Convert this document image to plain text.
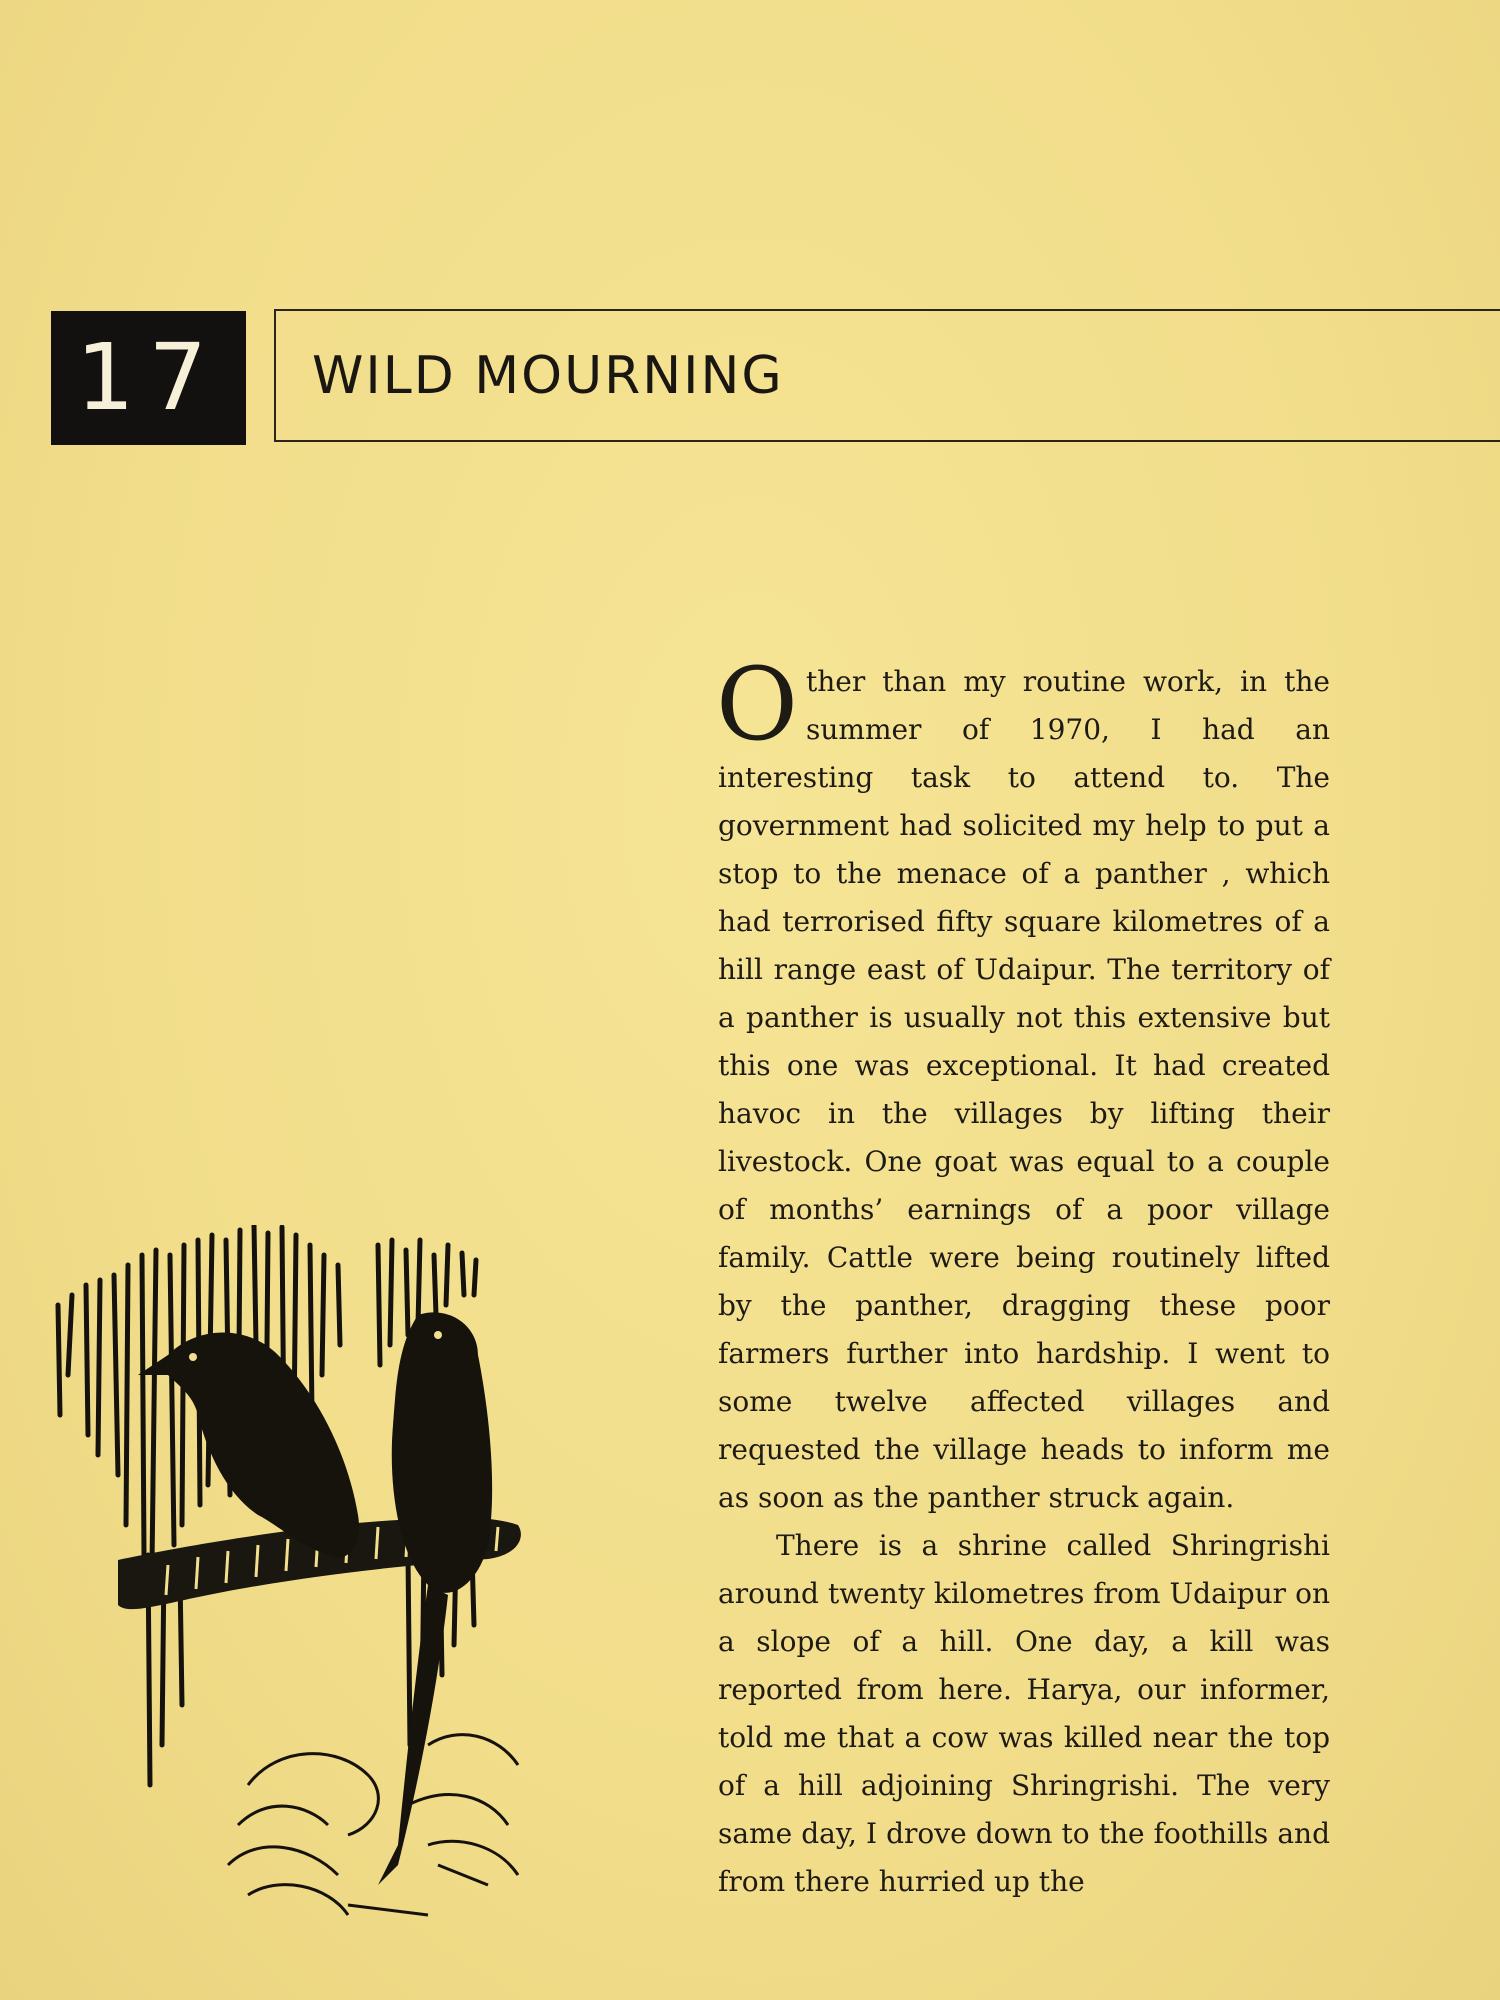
17 WILD MOURNING

Other than my routine work, in the summer of 1970, I had an interesting task to attend to. The government had solicited my help to put a stop to the menace of a panther , which had terrorised fifty square kilometres of a hill range east of Udaipur. The territory of a panther is usually not this extensive but this one was exceptional. It had created havoc in the villages by lifting their livestock. One goat was equal to a couple of months’ earnings of a poor village family. Cattle were being routinely lifted by the panther, dragging these poor farmers further into hardship. I went to some twelve affected villages and requested the village heads to inform me as soon as the panther struck again.

There is a shrine called Shringrishi around twenty kilometres from Udaipur on a slope of a hill. One day, a kill was reported from here. Harya, our informer, told me that a cow was killed near the top of a hill adjoining Shringrishi. The very same day, I drove down to the foothills and from there hurried up the
